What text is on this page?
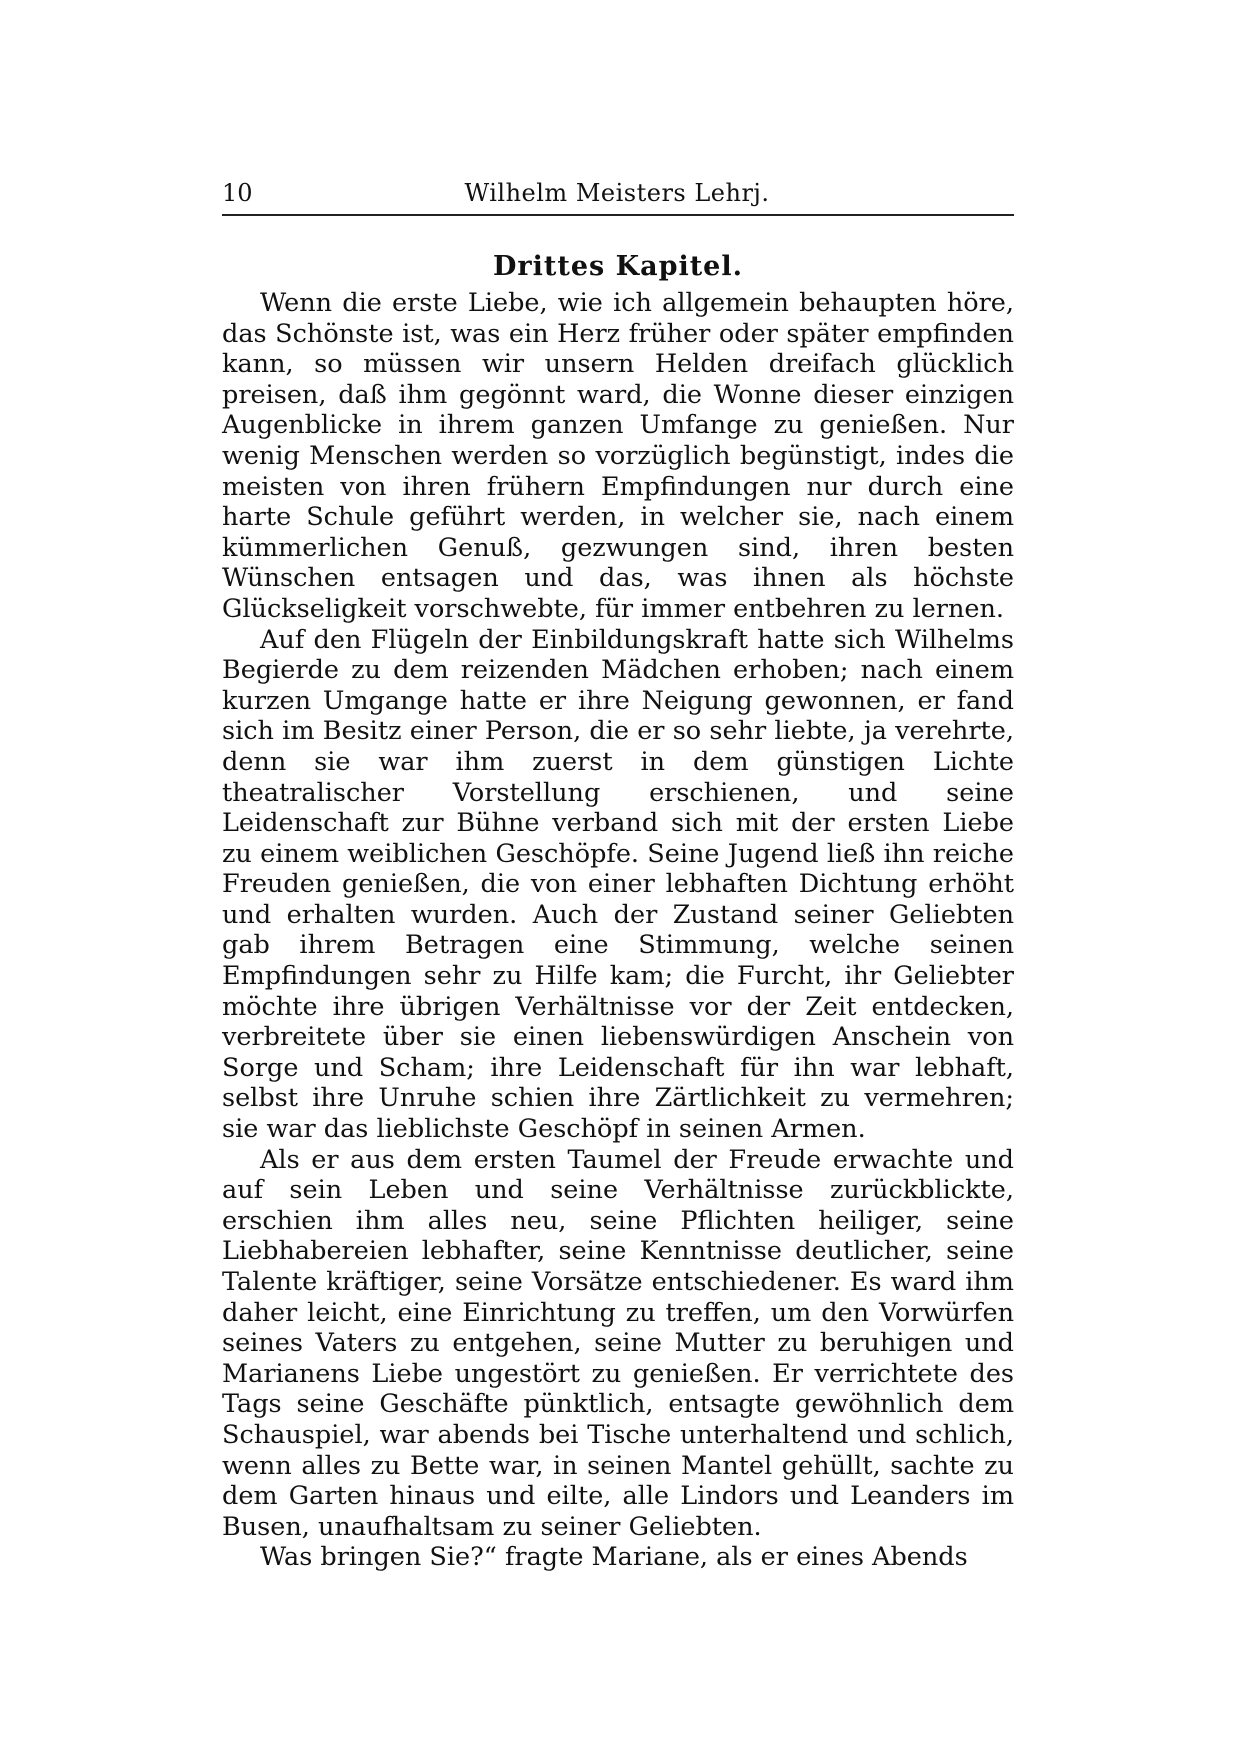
10	Wilhelm Meisters Lehrj.
Drittes Kapitel.

Wenn die erste Liebe, wie ich allgemein behaupten höre, das Schönste ist, was ein Herz früher oder später empfinden kann, so müssen wir unsern Helden dreifach glücklich preisen, daß ihm gegönnt ward, die Wonne dieser einzigen Augenblicke in ihrem ganzen Umfange zu genießen. Nur wenig Menschen werden so vorzüglich begünstigt, indes die meisten von ihren frühern Empfindungen nur durch eine harte Schule geführt werden, in welcher sie, nach einem kümmerlichen Genuß, gezwungen sind, ihren besten Wünschen entsagen und das, was ihnen als höchste Glückseligkeit vorschwebte, für immer entbehren zu lernen.

Auf den Flügeln der Einbildungskraft hatte sich Wilhelms Begierde zu dem reizenden Mädchen erhoben; nach einem kurzen Umgange hatte er ihre Neigung gewonnen, er fand sich im Besitz einer Person, die er so sehr liebte, ja verehrte, denn sie war ihm zuerst in dem günstigen Lichte theatralischer Vorstellung erschienen, und seine Leidenschaft zur Bühne verband sich mit der ersten Liebe zu einem weiblichen Geschöpfe. Seine Jugend ließ ihn reiche Freuden genießen, die von einer lebhaften Dichtung erhöht und erhalten wurden. Auch der Zustand seiner Geliebten gab ihrem Betragen eine Stimmung, welche seinen Empfindungen sehr zu Hilfe kam; die Furcht, ihr Geliebter möchte ihre übrigen Verhältnisse vor der Zeit entdecken, verbreitete über sie einen liebenswürdigen Anschein von Sorge und Scham; ihre Leidenschaft für ihn war lebhaft, selbst ihre Unruhe schien ihre Zärtlichkeit zu vermehren; sie war das lieblichste Geschöpf in seinen Armen.

Als er aus dem ersten Taumel der Freude erwachte und auf sein Leben und seine Verhältnisse zurückblickte, erschien ihm alles neu, seine Pflichten heiliger, seine Liebhabereien lebhafter, seine Kenntnisse deutlicher, seine Talente kräftiger, seine Vorsätze entschiedener. Es ward ihm daher leicht, eine Einrichtung zu treffen, um den Vorwürfen seines Vaters zu entgehen, seine Mutter zu beruhigen und Marianens Liebe ungestört zu genießen. Er verrichtete des Tags seine Geschäfte pünktlich, entsagte gewöhnlich dem Schauspiel, war abends bei Tische unterhaltend und schlich, wenn alles zu Bette war, in seinen Mantel gehüllt, sachte zu dem Garten hinaus und eilte, alle Lindors und Leanders im Busen, unaufhaltsam zu seiner Geliebten.

Was bringen Sie?“ fragte Mariane, als er eines Abends
